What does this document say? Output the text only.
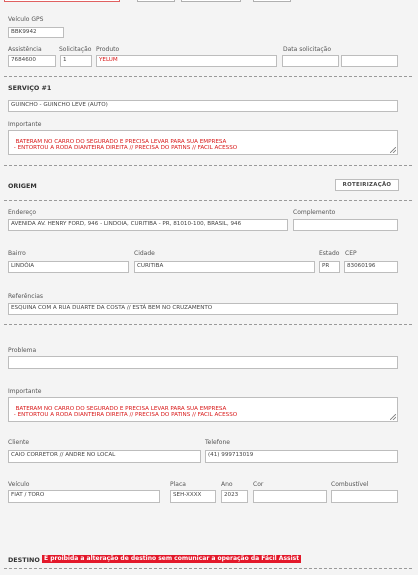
Veículo GPS
BBK9942
Assistência	Solicitação Produto	Data solicitação
7684600	1	YELUM
SERVIÇO #1
GUINCHO - GUINCHO LEVE (AUTO)
Importante

BATERAM NO CARRO DO SEGURADO E PRECISA LEVAR PARA SUA EMPRESA
- ENTORTOU A RODA DIANTEIRA DIREITA // PRECISA DO PATINS // FACIL ACESSO

ORIGEM	ROTEIRIZAÇÃO
Endereço	Complemento
AVENIDA AV. HENRY FORD, 946 - LINDOIA, CURITIBA - PR, 81010-100, BRASIL, 946
Bairro	Cidade	Estado CEP
LINDÓIA	CURITIBA	PR	83060196
Referências
ESQUINA COM A RUA DUARTE DA COSTA // ESTÁ BEM NO CRUZAMENTO
Problema
Importante

BATERAM NO CARRO DO SEGURADO E PRECISA LEVAR PARA SUA EMPRESA
- ENTORTOU A RODA DIANTEIRA DIREITA // PRECISA DO PATINS // FACIL ACESSO

Cliente	Telefone
CAIO CORRETOR // ANDRE NO LOCAL	(41) 999713019
Veículo	Placa	Ano	Cor	Combustível
FIAT / TORO	SEH-XXXX	2023
DESTINO É proibida a alteração de destino sem comunicar a operação da Fácil Assist
